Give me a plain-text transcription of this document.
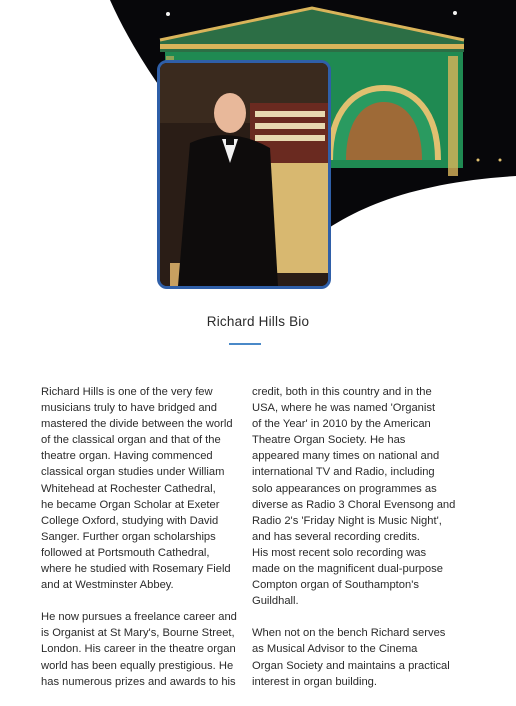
Richard Hills Bio

Richard Hills is one of the very few
musicians truly to have bridged and
mastered the divide between the world
of the classical organ and that of the
theatre organ. Having commenced
classical organ studies under William
Whitehead at Rochester Cathedral,
he became Organ Scholar at Exeter
College Oxford, studying with David
Sanger. Further organ scholarships
followed at Portsmouth Cathedral,
where he studied with Rosemary Field
and at Westminster Abbey.

He now pursues a freelance career and
is Organist at St Mary's, Bourne Street,
London. His career in the theatre organ
world has been equally prestigious. He
has numerous prizes and awards to his

credit, both in this country and in the
USA, where he was named 'Organist
of the Year' in 2010 by the American
Theatre Organ Society. He has
appeared many times on national and
international TV and Radio, including
solo appearances on programmes as
diverse as Radio 3 Choral Evensong and
Radio 2's 'Friday Night is Music Night',
and has several recording credits.
His most recent solo recording was
made on the magnificent dual-purpose
Compton organ of Southampton's
Guildhall.

When not on the bench Richard serves
as Musical Advisor to the Cinema
Organ Society and maintains a practical
interest in organ building.
